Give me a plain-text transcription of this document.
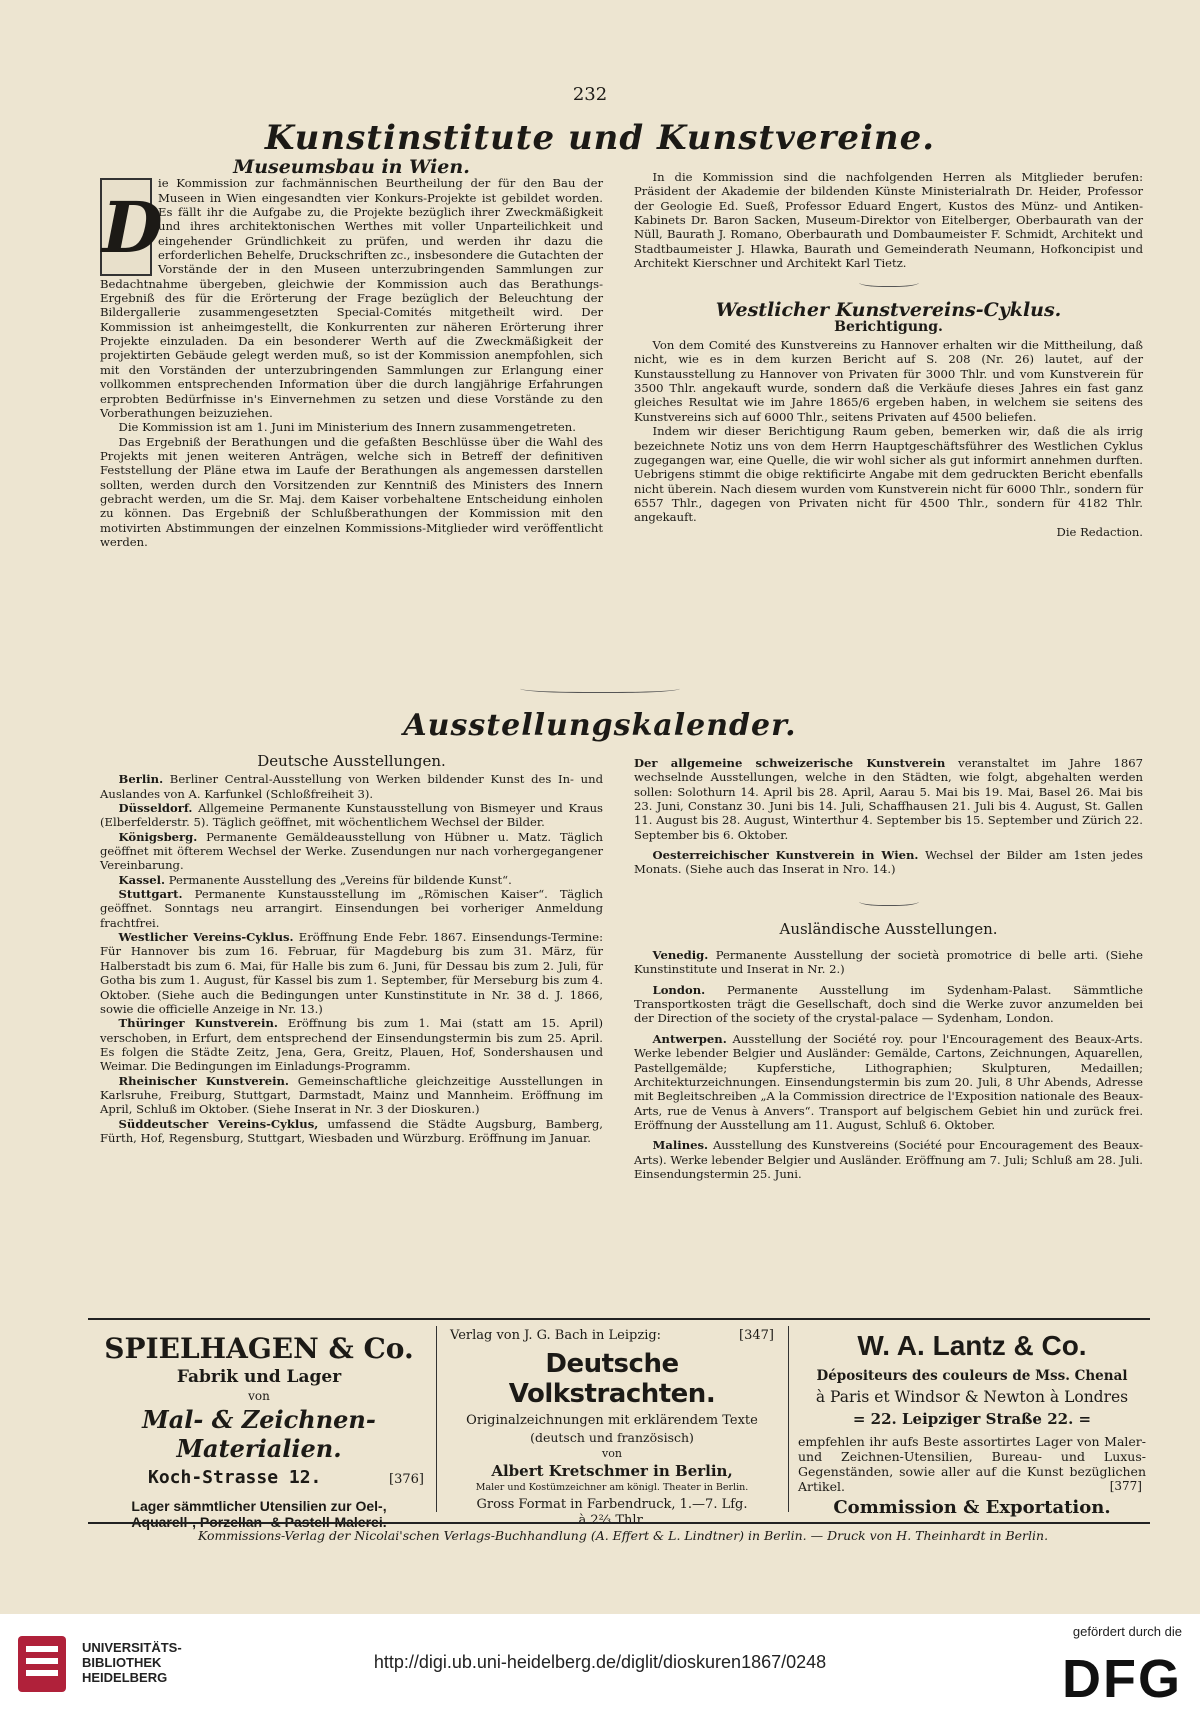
232
Kunstinstitute und Kunstvereine.
Museumsbau in Wien.
D

ie Kommission zur fachmännischen Beurtheilung der für den Bau der Museen in Wien eingesandten vier Konkurs-Projekte ist gebildet worden. Es fällt ihr die Aufgabe zu, die Projekte bezüglich ihrer Zweckmäßigkeit und ihres architektonischen Werthes mit voller Unparteilichkeit und eingehender Gründlichkeit zu prüfen, und werden ihr dazu die erforderlichen Behelfe, Druckschriften zc., insbesondere die Gutachten der Vorstände der in den Museen unterzubringenden Sammlungen zur Bedachtnahme übergeben, gleichwie der Kommission auch das Berathungs-Ergebniß des für die Erörterung der Frage bezüglich der Beleuchtung der Bildergallerie zusammengesetzten Special-Comités mitgetheilt wird. Der Kommission ist anheimgestellt, die Konkurrenten zur näheren Erörterung ihrer Projekte einzuladen. Da ein besonderer Werth auf die Zweckmäßigkeit der projektirten Gebäude gelegt werden muß, so ist der Kommission anempfohlen, sich mit den Vorständen der unterzubringenden Sammlungen zur Erlangung einer vollkommen entsprechenden Information über die durch langjährige Erfahrungen erprobten Bedürfnisse in's Einvernehmen zu setzen und diese Vorstände zu den Vorberathungen beizuziehen.

Die Kommission ist am 1. Juni im Ministerium des Innern zusammengetreten.

Das Ergebniß der Berathungen und die gefaßten Beschlüsse über die Wahl des Projekts mit jenen weiteren Anträgen, welche sich in Betreff der definitiven Feststellung der Pläne etwa im Laufe der Berathungen als angemessen darstellen sollten, werden durch den Vorsitzenden zur Kenntniß des Ministers des Innern gebracht werden, um die Sr. Maj. dem Kaiser vorbehaltene Entscheidung einholen zu können. Das Ergebniß der Schlußberathungen der Kommission mit den motivirten Abstimmungen der einzelnen Kommissions-Mitglieder wird veröffentlicht werden.

In die Kommission sind die nachfolgenden Herren als Mitglieder berufen: Präsident der Akademie der bildenden Künste Ministerialrath Dr. Heider, Professor der Geologie Ed. Sueß, Professor Eduard Engert, Kustos des Münz- und Antiken-Kabinets Dr. Baron Sacken, Museum-Direktor von Eitelberger, Oberbaurath van der Nüll, Baurath J. Romano, Oberbaurath und Dombaumeister F. Schmidt, Architekt und Stadtbaumeister J. Hlawka, Baurath und Gemeinderath Neumann, Hofkoncipist und Architekt Kierschner und Architekt Karl Tietz.

Westlicher Kunstvereins-Cyklus.
Berichtigung.

Von dem Comité des Kunstvereins zu Hannover erhalten wir die Mittheilung, daß nicht, wie es in dem kurzen Bericht auf S. 208 (Nr. 26) lautet, auf der Kunstausstellung zu Hannover von Privaten für 3000 Thlr. und vom Kunstverein für 3500 Thlr. angekauft wurde, sondern daß die Verkäufe dieses Jahres ein fast ganz gleiches Resultat wie im Jahre 1865/6 ergeben haben, in welchem sie seitens des Kunstvereins sich auf 6000 Thlr., seitens Privaten auf 4500 beliefen.

Indem wir dieser Berichtigung Raum geben, bemerken wir, daß die als irrig bezeichnete Notiz uns von dem Herrn Hauptgeschäftsführer des Westlichen Cyklus zugegangen war, eine Quelle, die wir wohl sicher als gut informirt annehmen durften. Uebrigens stimmt die obige rektificirte Angabe mit dem gedruckten Bericht ebenfalls nicht überein. Nach diesem wurden vom Kunstverein nicht für 6000 Thlr., sondern für 6557 Thlr., dagegen von Privaten nicht für 4500 Thlr., sondern für 4182 Thlr. angekauft.

Die Redaction.

Ausstellungskalender.
Deutsche Ausstellungen.

Berlin. Berliner Central-Ausstellung von Werken bildender Kunst des In- und Auslandes von A. Karfunkel (Schloßfreiheit 3).

Düsseldorf. Allgemeine Permanente Kunstausstellung von Bismeyer und Kraus (Elberfelderstr. 5). Täglich geöffnet, mit wöchentlichem Wechsel der Bilder.

Königsberg. Permanente Gemäldeausstellung von Hübner u. Matz. Täglich geöffnet mit öfterem Wechsel der Werke. Zusendungen nur nach vorhergegangener Vereinbarung.

Kassel. Permanente Ausstellung des „Vereins für bildende Kunst“.

Stuttgart. Permanente Kunstausstellung im „Römischen Kaiser“. Täglich geöffnet. Sonntags neu arrangirt. Einsendungen bei vorheriger Anmeldung frachtfrei.

Westlicher Vereins-Cyklus. Eröffnung Ende Febr. 1867. Einsendungs-Termine: Für Hannover bis zum 16. Februar, für Magdeburg bis zum 31. März, für Halberstadt bis zum 6. Mai, für Halle bis zum 6. Juni, für Dessau bis zum 2. Juli, für Gotha bis zum 1. August, für Kassel bis zum 1. September, für Merseburg bis zum 4. Oktober. (Siehe auch die Bedingungen unter Kunstinstitute in Nr. 38 d. J. 1866, sowie die officielle Anzeige in Nr. 13.)

Thüringer Kunstverein. Eröffnung bis zum 1. Mai (statt am 15. April) verschoben, in Erfurt, dem entsprechend der Einsendungstermin bis zum 25. April. Es folgen die Städte Zeitz, Jena, Gera, Greitz, Plauen, Hof, Sondershausen und Weimar. Die Bedingungen im Einladungs-Programm.

Rheinischer Kunstverein. Gemeinschaftliche gleichzeitige Ausstellungen in Karlsruhe, Freiburg, Stuttgart, Darmstadt, Mainz und Mannheim. Eröffnung im April, Schluß im Oktober. (Siehe Inserat in Nr. 3 der Dioskuren.)

Süddeutscher Vereins-Cyklus, umfassend die Städte Augsburg, Bamberg, Fürth, Hof, Regensburg, Stuttgart, Wiesbaden und Würzburg. Eröffnung im Januar.

Der allgemeine schweizerische Kunstverein veranstaltet im Jahre 1867 wechselnde Ausstellungen, welche in den Städten, wie folgt, abgehalten werden sollen: Solothurn 14. April bis 28. April, Aarau 5. Mai bis 19. Mai, Basel 26. Mai bis 23. Juni, Constanz 30. Juni bis 14. Juli, Schaffhausen 21. Juli bis 4. August, St. Gallen 11. August bis 28. August, Winterthur 4. September bis 15. September und Zürich 22. September bis 6. Oktober.

Oesterreichischer Kunstverein in Wien. Wechsel der Bilder am 1sten jedes Monats. (Siehe auch das Inserat in Nro. 14.)

Ausländische Ausstellungen.

Venedig. Permanente Ausstellung der società promotrice di belle arti. (Siehe Kunstinstitute und Inserat in Nr. 2.)

London. Permanente Ausstellung im Sydenham-Palast. Sämmtliche Transportkosten trägt die Gesellschaft, doch sind die Werke zuvor anzumelden bei der Direction of the society of the crystal-palace — Sydenham, London.

Antwerpen. Ausstellung der Société roy. pour l'Encouragement des Beaux-Arts. Werke lebender Belgier und Ausländer: Gemälde, Cartons, Zeichnungen, Aquarellen, Pastellgemälde; Kupferstiche, Lithographien; Skulpturen, Medaillen; Architekturzeichnungen. Einsendungstermin bis zum 20. Juli, 8 Uhr Abends, Adresse mit Begleitschreiben „A la Commission directrice de l'Exposition nationale des Beaux-Arts, rue de Venus à Anvers“. Transport auf belgischem Gebiet hin und zurück frei. Eröffnung der Ausstellung am 11. August, Schluß 6. Oktober.

Malines. Ausstellung des Kunstvereins (Société pour Encouragement des Beaux-Arts). Werke lebender Belgier und Ausländer. Eröffnung am 7. Juli; Schluß am 28. Juli. Einsendungstermin 25. Juni.

SPIELHAGEN & Co.
Fabrik und Lager
von
Mal- & Zeichnen-Materialien.
Koch-Strasse 12.	[376]
Lager sämmtlicher Utensilien zur Oel-,
Aquarell-, Porzellan- & Pastell-Malerei.
Verlag von J. G. Bach in Leipzig:	[347]
Deutsche Volkstrachten.
Originalzeichnungen mit erklärendem Texte
(deutsch und französisch)
von
Albert Kretschmer in Berlin,
Maler und Kostümzeichner am königl. Theater in Berlin.
Gross Format in Farbendruck, 1.—7. Lfg.
à 2⅔ Thlr.
W. A. Lantz & Co.
Dépositeurs des couleurs de Mss. Chenal
à Paris et Windsor & Newton à Londres
= 22. Leipziger Straße 22. =
empfehlen ihr aufs Beste assortirtes Lager von Maler- und Zeichnen-Utensilien, Bureau- und Luxus-Gegenständen, sowie aller auf die Kunst bezüglichen Artikel.	[377]
Commission & Exportation.
Kommissions-Verlag der Nicolai'schen Verlags-Buchhandlung (A. Effert & L. Lindtner) in Berlin. — Druck von H. Theinhardt in Berlin.
UNIVERSITÄTS-
BIBLIOTHEK
HEIDELBERG
http://digi.ub.uni-heidelberg.de/diglit/dioskuren1867/0248
gefördert durch die
DFG
